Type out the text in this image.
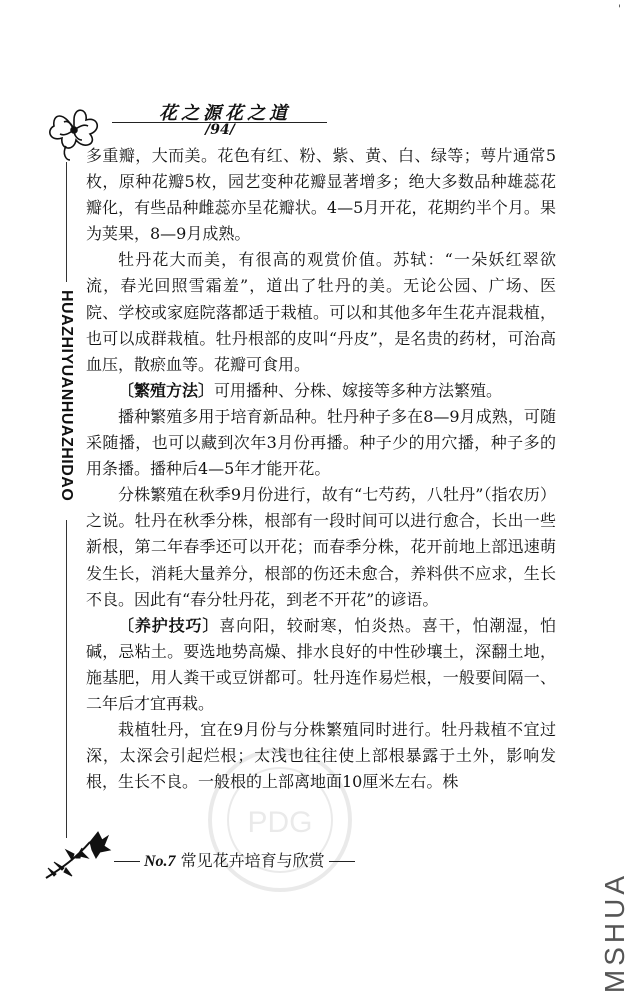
'
花之源花之道
/94/
HUAZHIYUANHUAZHIDAO

多重瓣，大而美。花色有红、粉、紫、黄、白、绿等；萼片通常5枚，原种花瓣5枚，园艺变种花瓣显著增多；绝大多数品种雄蕊花瓣化，有些品种雌蕊亦呈花瓣状。4—5月开花，花期约半个月。果为荚果，8—9月成熟。

牡丹花大而美，有很高的观赏价值。苏轼：“一朵妖红翠欲流，春光回照雪霜羞”，道出了牡丹的美。无论公园、广场、医院、学校或家庭院落都适于栽植。可以和其他多年生花卉混栽植，也可以成群栽植。牡丹根部的皮叫“丹皮”，是名贵的药材，可治高血压，散瘀血等。花瓣可食用。

〔繁殖方法〕可用播种、分株、嫁接等多种方法繁殖。

播种繁殖多用于培育新品种。牡丹种子多在8—9月成熟，可随采随播，也可以藏到次年3月份再播。种子少的用穴播，种子多的用条播。播种后4—5年才能开花。

分株繁殖在秋季9月份进行，故有“七芍药，八牡丹”（指农历）之说。牡丹在秋季分株，根部有一段时间可以进行愈合，长出一些新根，第二年春季还可以开花；而春季分株，花开前地上部迅速萌发生长，消耗大量养分，根部的伤还未愈合，养料供不应求，生长不良。因此有“春分牡丹花，到老不开花”的谚语。

〔养护技巧〕喜向阳，较耐寒，怕炎热。喜干，怕潮湿，怕碱，忌粘土。要选地势高燥、排水良好的中性砂壤土，深翻土地，施基肥，用人粪干或豆饼都可。牡丹连作易烂根，一般要间隔一、二年后才宜再栽。

栽植牡丹，宜在9月份与分株繁殖同时进行。牡丹栽植不宜过深，太深会引起烂根；太浅也往往使上部根暴露于土外，影响发根，生长不良。一般根的上部离地面10厘米左右。株

PDG
No.7 常见花卉培育与欣赏
MSHUA
